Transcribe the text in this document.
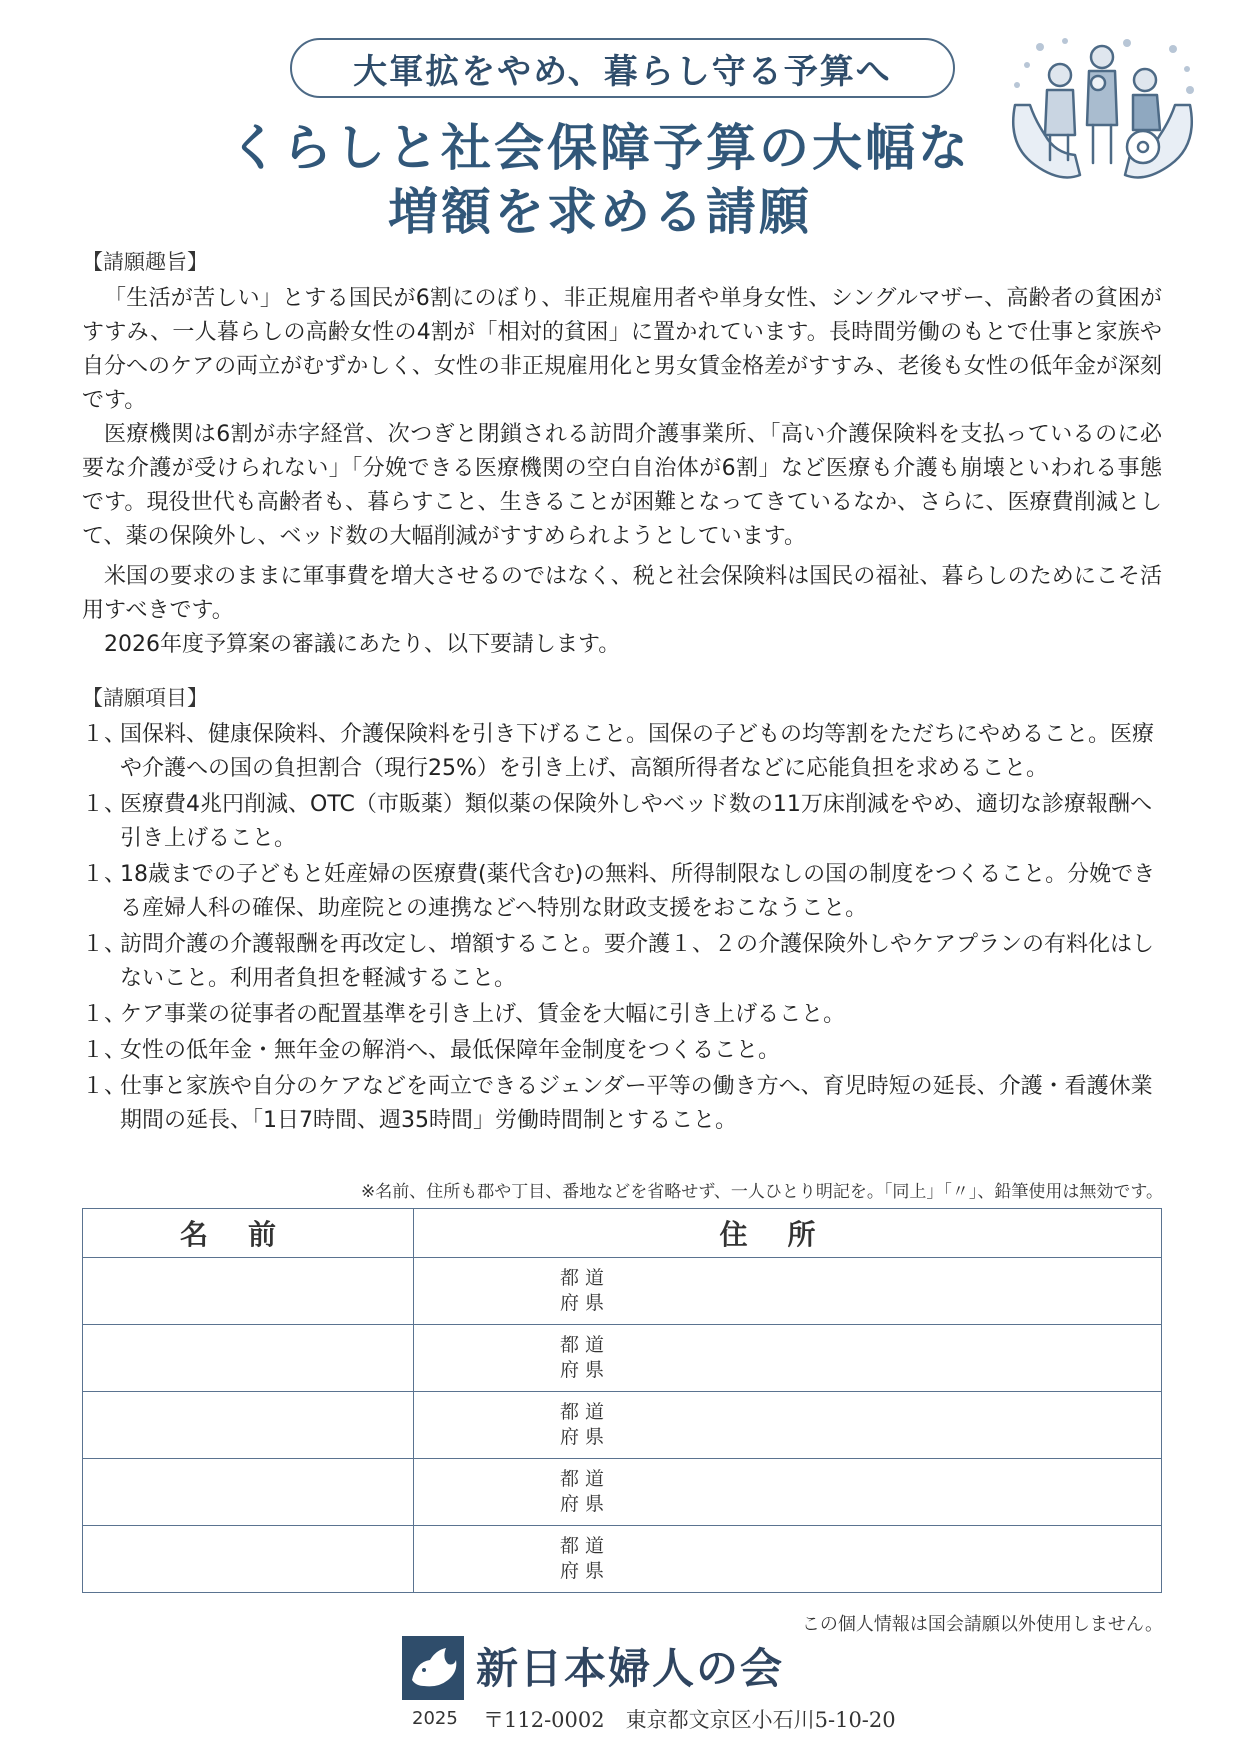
大軍拡をやめ、暮らし守る予算へ
くらしと社会保障予算の大幅な
増額を求める請願
【請願趣旨】

「生活が苦しい」とする国民が6割にのぼり、非正規雇用者や単身女性、シングルマザー、高齢者の貧困がすすみ、一人暮らしの高齢女性の4割が「相対的貧困」に置かれています。長時間労働のもとで仕事と家族や自分へのケアの両立がむずかしく、女性の非正規雇用化と男女賃金格差がすすみ、老後も女性の低年金が深刻です。

医療機関は6割が赤字経営、次つぎと閉鎖される訪問介護事業所、「高い介護保険料を支払っているのに必要な介護が受けられない」「分娩できる医療機関の空白自治体が6割」など医療も介護も崩壊といわれる事態です。現役世代も高齢者も、暮らすこと、生きることが困難となってきているなか、さらに、医療費削減として、薬の保険外し、ベッド数の大幅削減がすすめられようとしています。

米国の要求のままに軍事費を増大させるのではなく、税と社会保険料は国民の福祉、暮らしのためにこそ活用すべきです。

2026年度予算案の審議にあたり、以下要請します。

【請願項目】
１、
国保料、健康保険料、介護保険料を引き下げること。国保の子どもの均等割をただちにやめること。医療や介護への国の負担割合（現行25%）を引き上げ、高額所得者などに応能負担を求めること。
１、
医療費4兆円削減、OTC（市販薬）類似薬の保険外しやベッド数の11万床削減をやめ、適切な診療報酬へ引き上げること。
１、
18歳までの子どもと妊産婦の医療費(薬代含む)の無料、所得制限なしの国の制度をつくること。分娩できる産婦人科の確保、助産院との連携などへ特別な財政支援をおこなうこと。
１、
訪問介護の介護報酬を再改定し、増額すること。要介護１、２の介護保険外しやケアプランの有料化はしないこと。利用者負担を軽減すること。
１、
ケア事業の従事者の配置基準を引き上げ、賃金を大幅に引き上げること。
１、
女性の低年金・無年金の解消へ、最低保障年金制度をつくること。
１、
仕事と家族や自分のケアなどを両立できるジェンダー平等の働き方へ、育児時短の延長、介護・看護休業期間の延長、「1日7時間、週35時間」労働時間制とすること。
※名前、住所も郡や丁目、番地などを省略せず、一人ひとり明記を。「同上」「〃」、鉛筆使用は無効です。
名前	住所

	都道
府県

	都道
府県

	都道
府県

	都道
府県

	都道
府県
この個人情報は国会請願以外使用しません。
新日本婦人の会
2025 〒112-0002　東京都文京区小石川5-10-20
